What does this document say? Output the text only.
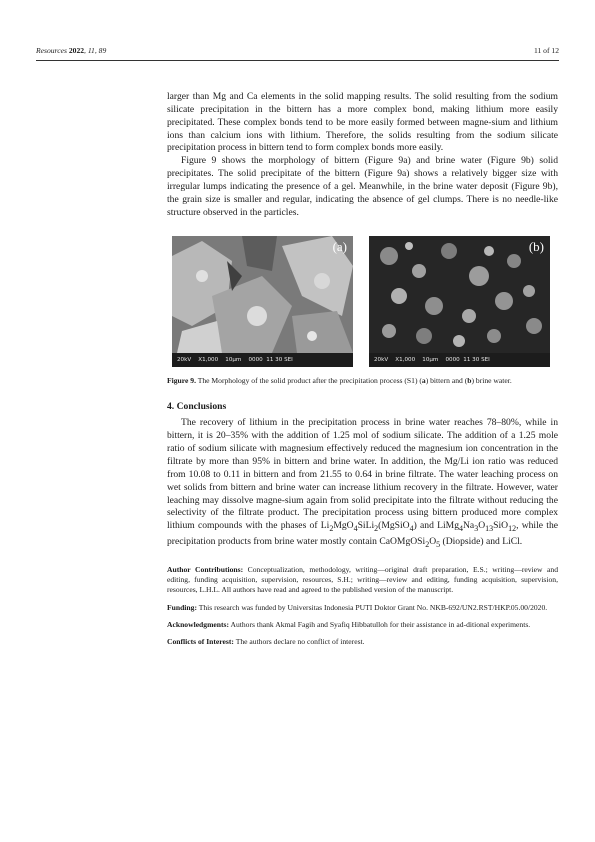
Resources 2022, 11, 89	11 of 12

larger than Mg and Ca elements in the solid mapping results. The solid resulting from the sodium silicate precipitation in the bittern has a more complex bond, making lithium more easily precipitated. These complex bonds tend to be more easily formed between magne-sium and lithium ions than calcium ions with lithium. Therefore, the solids resulting from the sodium silicate precipitation process in bittern tend to form complex bonds more easily.

Figure 9 shows the morphology of bittern (Figure 9a) and brine water (Figure 9b) solid precipitates. The solid precipitate of the bittern (Figure 9a) shows a relatively bigger size with irregular lumps indicating the presence of a gel. Meanwhile, in the brine water deposit (Figure 9b), the grain size is smaller and regular, indicating the absence of gel clumps. There is no needle-like structure observed in the particles.

(a)
20kV    X1,000    10μm    0000  11 30 SEI
(b)
20kV    X1,000    10μm    0000  11 30 SEI

Figure 9. The Morphology of the solid product after the precipitation process (S1) (a) bittern and (b) brine water.

4. Conclusions

The recovery of lithium in the precipitation process in brine water reaches 78–80%, while in bittern, it is 20–35% with the addition of 1.25 mol of sodium silicate. The addition of a 1.25 mole ratio of sodium silicate with magnesium effectively reduced the magnesium ion concentration in the filtrate by more than 95% in bittern and brine water. In addition, the Mg/Li ion ratio was reduced from 10.08 to 0.11 in bittern and from 21.55 to 0.64 in brine filtrate. The water leaching process on wet solids from bittern and brine water can increase lithium recovery in the filtrate. However, water leaching may dissolve magne-sium again from solid precipitate into the filtrate without reducing the selectivity of the filtrate product. The precipitation process using bittern produced more complex lithium compounds with the phases of $Li_2MgO_4SiLi_2(MgSiO_4)$ and $LiMg_4Na_3O_{13}SiO_{12}$, while the precipitation products from brine water mostly contain $CaOMgOSi_2O_5$ (Diopside) and LiCl.

Author Contributions: Conceptualization, methodology, writing—original draft preparation, E.S.; writing—review and editing, funding acquisition, supervision, resources, S.H.; writing—review and editing, funding acquisition, supervision, resources, L.H.L. All authors have read and agreed to the published version of the manuscript.

Funding: This research was funded by Universitas Indonesia PUTI Doktor Grant No. NKB-692/UN2.RST/HKP.05.00/2020.

Acknowledgments: Authors thank Akmal Fagih and Syafiq Hibbatulloh for their assistance in ad-ditional experiments.

Conflicts of Interest: The authors declare no conflict of interest.
